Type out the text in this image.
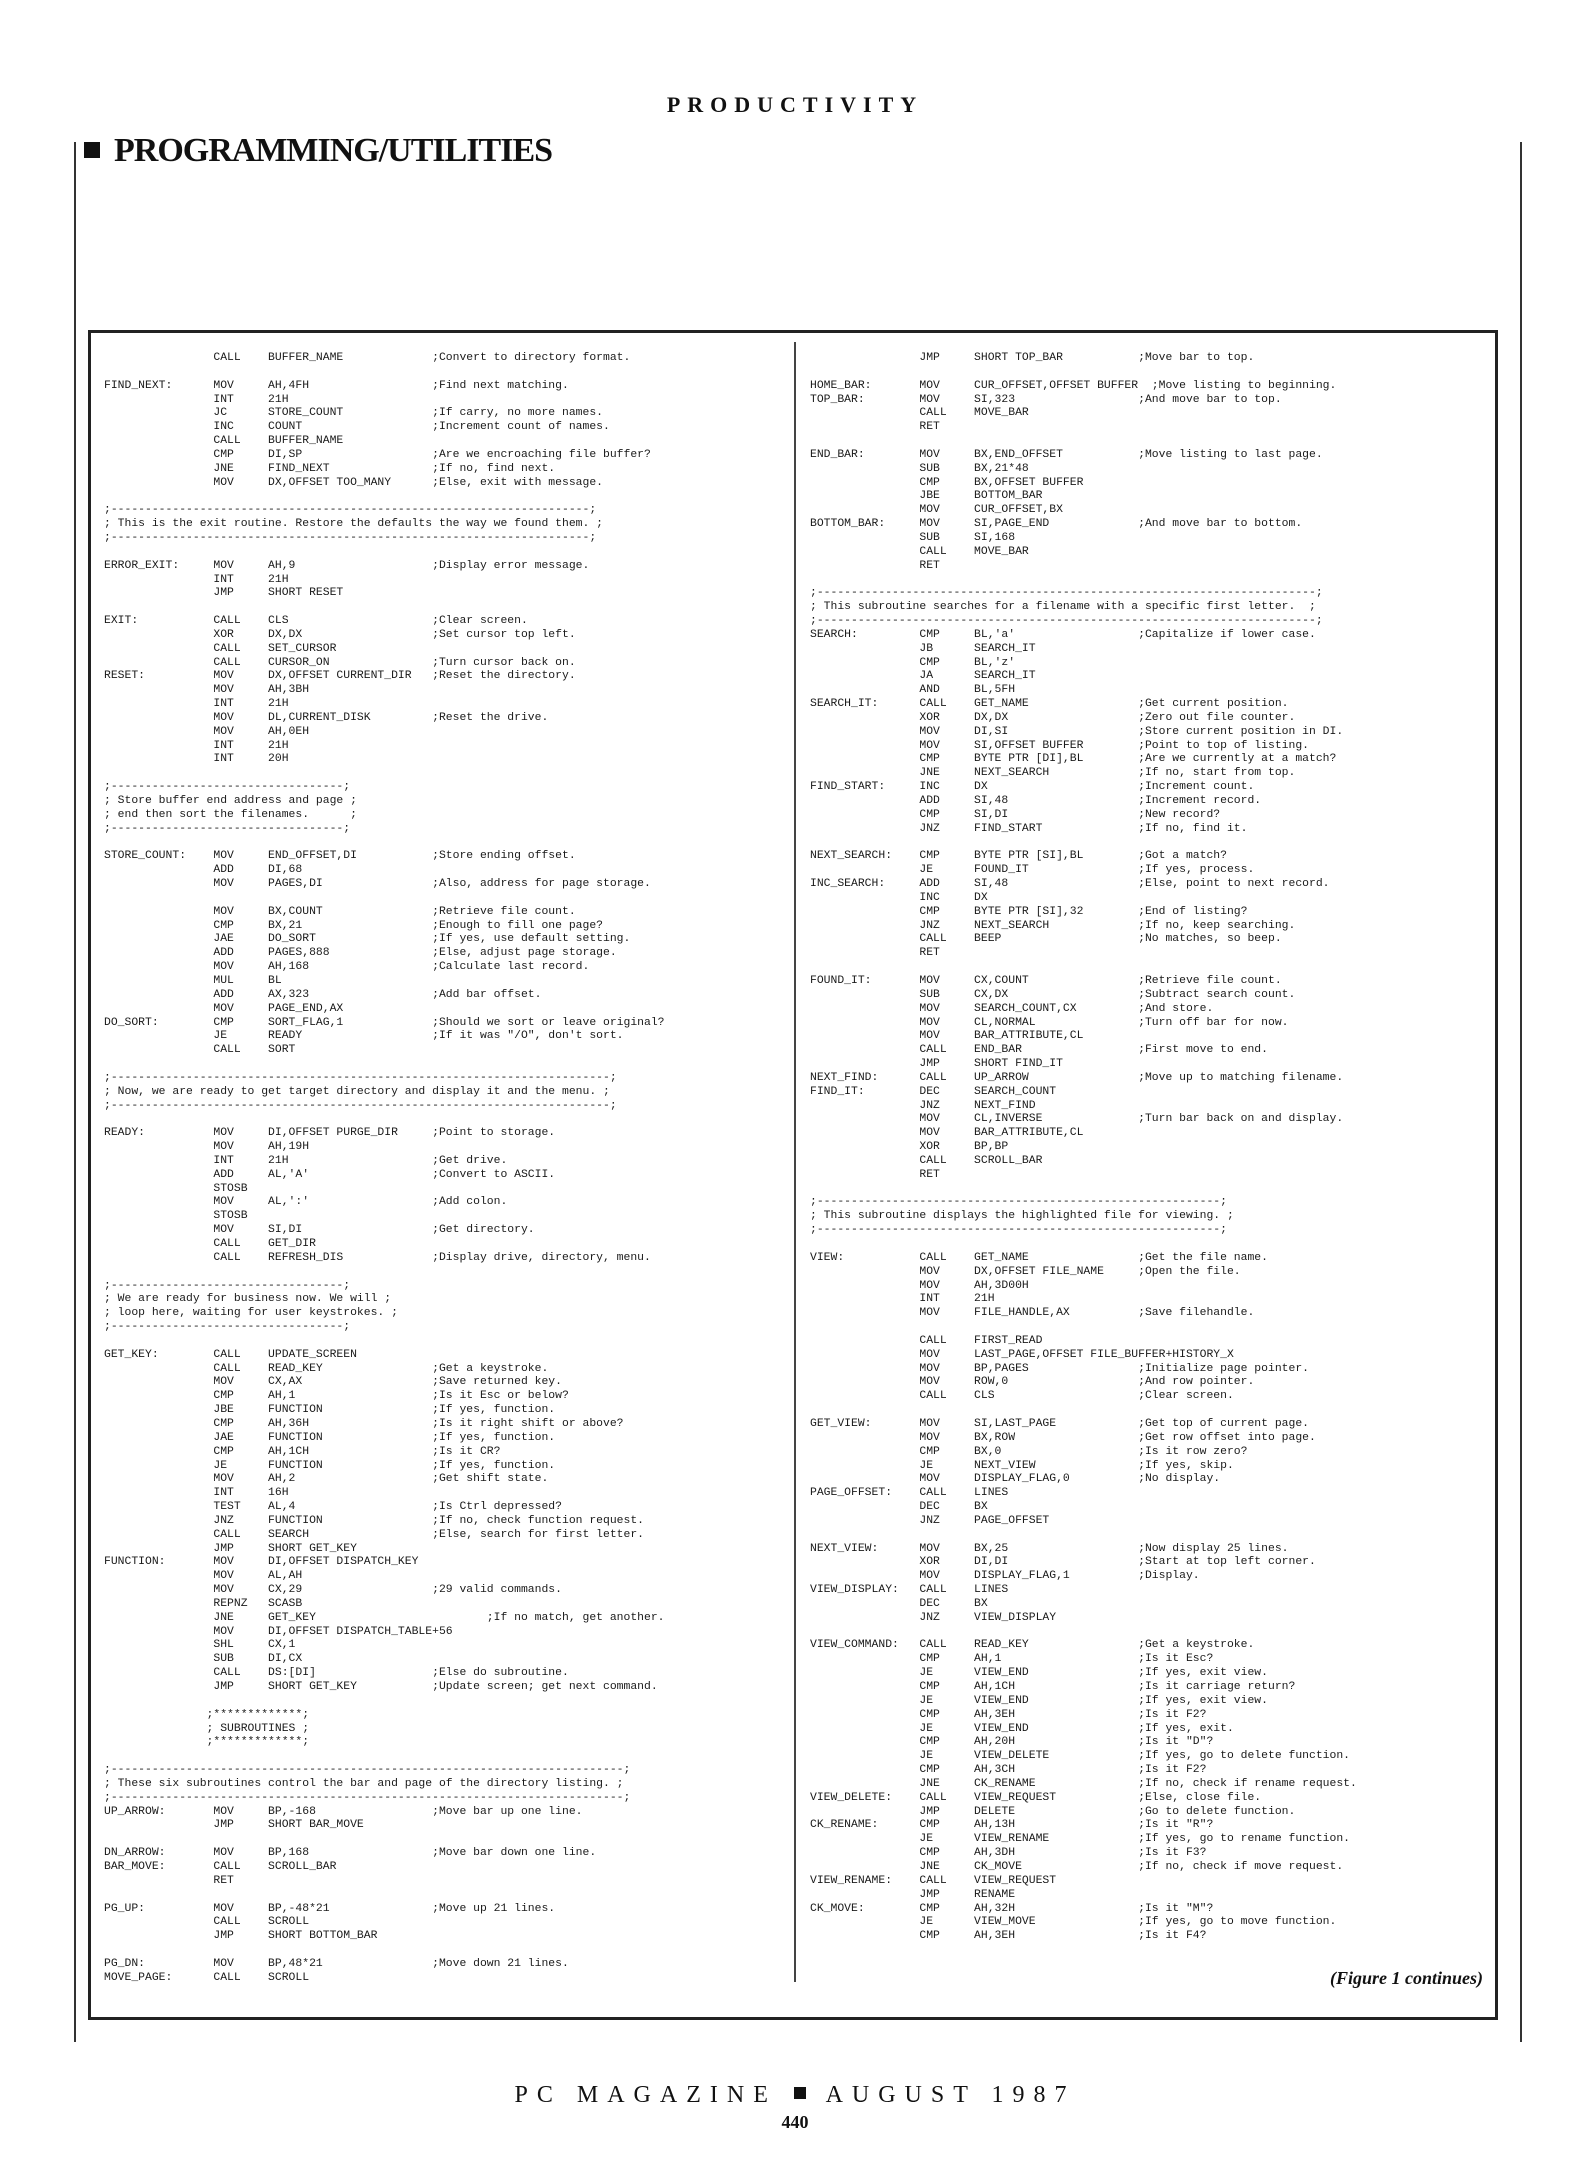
PRODUCTIVITY
PROGRAMMING/UTILITIES
CALL    BUFFER_NAME             ;Convert to directory format.

FIND_NEXT:      MOV     AH,4FH                  ;Find next matching.
INT     21H
JC      STORE_COUNT             ;If carry, no more names.
INC     COUNT                   ;Increment count of names.
CALL    BUFFER_NAME
CMP     DI,SP                   ;Are we encroaching file buffer?
JNE     FIND_NEXT               ;If no, find next.
MOV     DX,OFFSET TOO_MANY      ;Else, exit with message.

;----------------------------------------------------------------------;
; This is the exit routine. Restore the defaults the way we found them. ;
;----------------------------------------------------------------------;

ERROR_EXIT:     MOV     AH,9                    ;Display error message.
INT     21H
JMP     SHORT RESET

EXIT:           CALL    CLS                     ;Clear screen.
XOR     DX,DX                   ;Set cursor top left.
CALL    SET_CURSOR
CALL    CURSOR_ON               ;Turn cursor back on.
RESET:          MOV     DX,OFFSET CURRENT_DIR   ;Reset the directory.
MOV     AH,3BH
INT     21H
MOV     DL,CURRENT_DISK         ;Reset the drive.
MOV     AH,0EH
INT     21H
INT     20H

;----------------------------------;
; Store buffer end address and page ;
; end then sort the filenames.      ;
;----------------------------------;

STORE_COUNT:    MOV     END_OFFSET,DI           ;Store ending offset.
ADD     DI,68
MOV     PAGES,DI                ;Also, address for page storage.

MOV     BX,COUNT                ;Retrieve file count.
CMP     BX,21                   ;Enough to fill one page?
JAE     DO_SORT                 ;If yes, use default setting.
ADD     PAGES,888               ;Else, adjust page storage.
MOV     AH,168                  ;Calculate last record.
MUL     BL
ADD     AX,323                  ;Add bar offset.
MOV     PAGE_END,AX
DO_SORT:        CMP     SORT_FLAG,1             ;Should we sort or leave original?
JE      READY                   ;If it was "/O", don't sort.
CALL    SORT

;-------------------------------------------------------------------------;
; Now, we are ready to get target directory and display it and the menu. ;
;-------------------------------------------------------------------------;

READY:          MOV     DI,OFFSET PURGE_DIR     ;Point to storage.
MOV     AH,19H
INT     21H                     ;Get drive.
ADD     AL,'A'                  ;Convert to ASCII.
STOSB
MOV     AL,':'                  ;Add colon.
STOSB
MOV     SI,DI                   ;Get directory.
CALL    GET_DIR
CALL    REFRESH_DIS             ;Display drive, directory, menu.

;----------------------------------;
; We are ready for business now. We will ;
; loop here, waiting for user keystrokes. ;
;----------------------------------;

GET_KEY:        CALL    UPDATE_SCREEN
CALL    READ_KEY                ;Get a keystroke.
MOV     CX,AX                   ;Save returned key.
CMP     AH,1                    ;Is it Esc or below?
JBE     FUNCTION                ;If yes, function.
CMP     AH,36H                  ;Is it right shift or above?
JAE     FUNCTION                ;If yes, function.
CMP     AH,1CH                  ;Is it CR?
JE      FUNCTION                ;If yes, function.
MOV     AH,2                    ;Get shift state.
INT     16H
TEST    AL,4                    ;Is Ctrl depressed?
JNZ     FUNCTION                ;If no, check function request.
CALL    SEARCH                  ;Else, search for first letter.
JMP     SHORT GET_KEY
FUNCTION:       MOV     DI,OFFSET DISPATCH_KEY
MOV     AL,AH
MOV     CX,29                   ;29 valid commands.
REPNZ   SCASB
JNE     GET_KEY                         ;If no match, get another.
MOV     DI,OFFSET DISPATCH_TABLE+56
SHL     CX,1
SUB     DI,CX
CALL    DS:[DI]                 ;Else do subroutine.
JMP     SHORT GET_KEY           ;Update screen; get next command.

;*************;
; SUBROUTINES ;
;*************;

;---------------------------------------------------------------------------;
; These six subroutines control the bar and page of the directory listing. ;
;---------------------------------------------------------------------------;
UP_ARROW:       MOV     BP,-168                 ;Move bar up one line.
JMP     SHORT BAR_MOVE

DN_ARROW:       MOV     BP,168                  ;Move bar down one line.
BAR_MOVE:       CALL    SCROLL_BAR
RET

PG_UP:          MOV     BP,-48*21               ;Move up 21 lines.
CALL    SCROLL
JMP     SHORT BOTTOM_BAR

PG_DN:          MOV     BP,48*21                ;Move down 21 lines.
MOVE_PAGE:      CALL    SCROLL
JMP     SHORT TOP_BAR           ;Move bar to top.

HOME_BAR:       MOV     CUR_OFFSET,OFFSET BUFFER  ;Move listing to beginning.
TOP_BAR:        MOV     SI,323                  ;And move bar to top.
CALL    MOVE_BAR
RET

END_BAR:        MOV     BX,END_OFFSET           ;Move listing to last page.
SUB     BX,21*48
CMP     BX,OFFSET BUFFER
JBE     BOTTOM_BAR
MOV     CUR_OFFSET,BX
BOTTOM_BAR:     MOV     SI,PAGE_END             ;And move bar to bottom.
SUB     SI,168
CALL    MOVE_BAR
RET

;-------------------------------------------------------------------------;
; This subroutine searches for a filename with a specific first letter.  ;
;-------------------------------------------------------------------------;
SEARCH:         CMP     BL,'a'                  ;Capitalize if lower case.
JB      SEARCH_IT
CMP     BL,'z'
JA      SEARCH_IT
AND     BL,5FH
SEARCH_IT:      CALL    GET_NAME                ;Get current position.
XOR     DX,DX                   ;Zero out file counter.
MOV     DI,SI                   ;Store current position in DI.
MOV     SI,OFFSET BUFFER        ;Point to top of listing.
CMP     BYTE PTR [DI],BL        ;Are we currently at a match?
JNE     NEXT_SEARCH             ;If no, start from top.
FIND_START:     INC     DX                      ;Increment count.
ADD     SI,48                   ;Increment record.
CMP     SI,DI                   ;New record?
JNZ     FIND_START              ;If no, find it.

NEXT_SEARCH:    CMP     BYTE PTR [SI],BL        ;Got a match?
JE      FOUND_IT                ;If yes, process.
INC_SEARCH:     ADD     SI,48                   ;Else, point to next record.
INC     DX
CMP     BYTE PTR [SI],32        ;End of listing?
JNZ     NEXT_SEARCH             ;If no, keep searching.
CALL    BEEP                    ;No matches, so beep.
RET

FOUND_IT:       MOV     CX,COUNT                ;Retrieve file count.
SUB     CX,DX                   ;Subtract search count.
MOV     SEARCH_COUNT,CX         ;And store.
MOV     CL,NORMAL               ;Turn off bar for now.
MOV     BAR_ATTRIBUTE,CL
CALL    END_BAR                 ;First move to end.
JMP     SHORT FIND_IT
NEXT_FIND:      CALL    UP_ARROW                ;Move up to matching filename.
FIND_IT:        DEC     SEARCH_COUNT
JNZ     NEXT_FIND
MOV     CL,INVERSE              ;Turn bar back on and display.
MOV     BAR_ATTRIBUTE,CL
XOR     BP,BP
CALL    SCROLL_BAR
RET

;-----------------------------------------------------------;
; This subroutine displays the highlighted file for viewing. ;
;-----------------------------------------------------------;

VIEW:           CALL    GET_NAME                ;Get the file name.
MOV     DX,OFFSET FILE_NAME     ;Open the file.
MOV     AH,3D00H
INT     21H
MOV     FILE_HANDLE,AX          ;Save filehandle.

CALL    FIRST_READ
MOV     LAST_PAGE,OFFSET FILE_BUFFER+HISTORY_X
MOV     BP,PAGES                ;Initialize page pointer.
MOV     ROW,0                   ;And row pointer.
CALL    CLS                     ;Clear screen.

GET_VIEW:       MOV     SI,LAST_PAGE            ;Get top of current page.
MOV     BX,ROW                  ;Get row offset into page.
CMP     BX,0                    ;Is it row zero?
JE      NEXT_VIEW               ;If yes, skip.
MOV     DISPLAY_FLAG,0          ;No display.
PAGE_OFFSET:    CALL    LINES
DEC     BX
JNZ     PAGE_OFFSET

NEXT_VIEW:      MOV     BX,25                   ;Now display 25 lines.
XOR     DI,DI                   ;Start at top left corner.
MOV     DISPLAY_FLAG,1          ;Display.
VIEW_DISPLAY:   CALL    LINES
DEC     BX
JNZ     VIEW_DISPLAY

VIEW_COMMAND:   CALL    READ_KEY                ;Get a keystroke.
CMP     AH,1                    ;Is it Esc?
JE      VIEW_END                ;If yes, exit view.
CMP     AH,1CH                  ;Is it carriage return?
JE      VIEW_END                ;If yes, exit view.
CMP     AH,3EH                  ;Is it F2?
JE      VIEW_END                ;If yes, exit.
CMP     AH,20H                  ;Is it "D"?
JE      VIEW_DELETE             ;If yes, go to delete function.
CMP     AH,3CH                  ;Is it F2?
JNE     CK_RENAME               ;If no, check if rename request.
VIEW_DELETE:    CALL    VIEW_REQUEST            ;Else, close file.
JMP     DELETE                  ;Go to delete function.
CK_RENAME:      CMP     AH,13H                  ;Is it "R"?
JE      VIEW_RENAME             ;If yes, go to rename function.
CMP     AH,3DH                  ;Is it F3?
JNE     CK_MOVE                 ;If no, check if move request.
VIEW_RENAME:    CALL    VIEW_REQUEST
JMP     RENAME
CK_MOVE:        CMP     AH,32H                  ;Is it "M"?
JE      VIEW_MOVE               ;If yes, go to move function.
CMP     AH,3EH                  ;Is it F4?
(Figure 1 continues)
PC MAGAZINE AUGUST 1987
440
